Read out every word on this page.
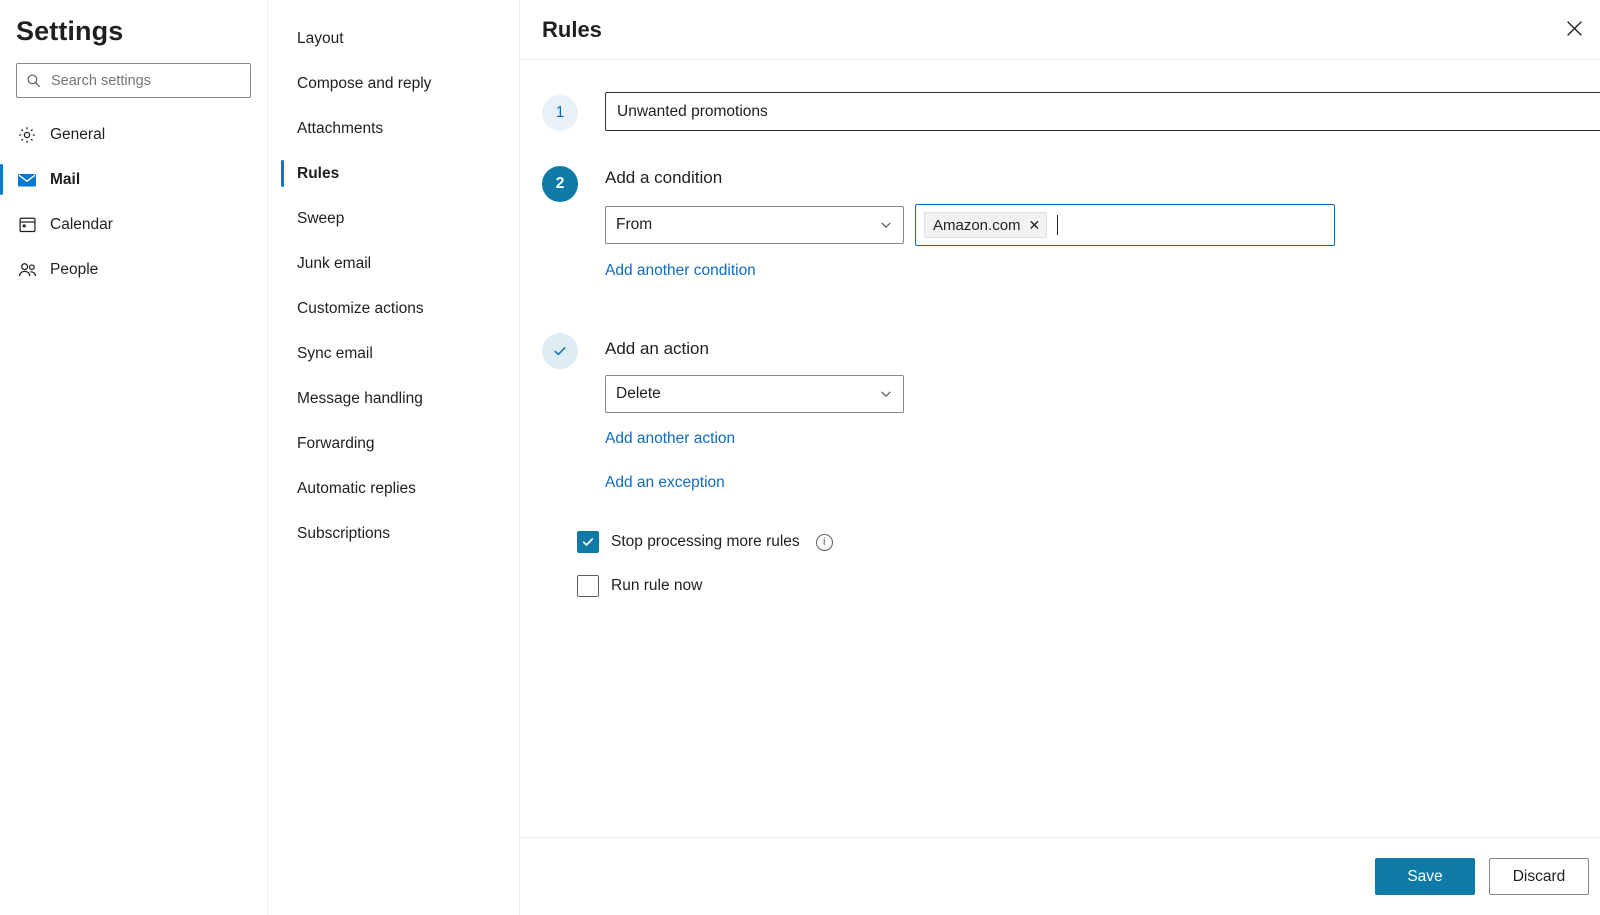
Settings
Search settings
General
Mail
Calendar
People
Layout
Compose and reply
Attachments
Rules
Sweep
Junk email
Customize actions
Sync email
Message handling
Forwarding
Automatic replies
Subscriptions
Rules
1
Unwanted promotions
2	Add a condition
From	Amazon.com ✕
Add another condition
Add an action
Delete
Add another action
Add an exception
Stop processing more rules	i
Run rule now
Save	Discard
